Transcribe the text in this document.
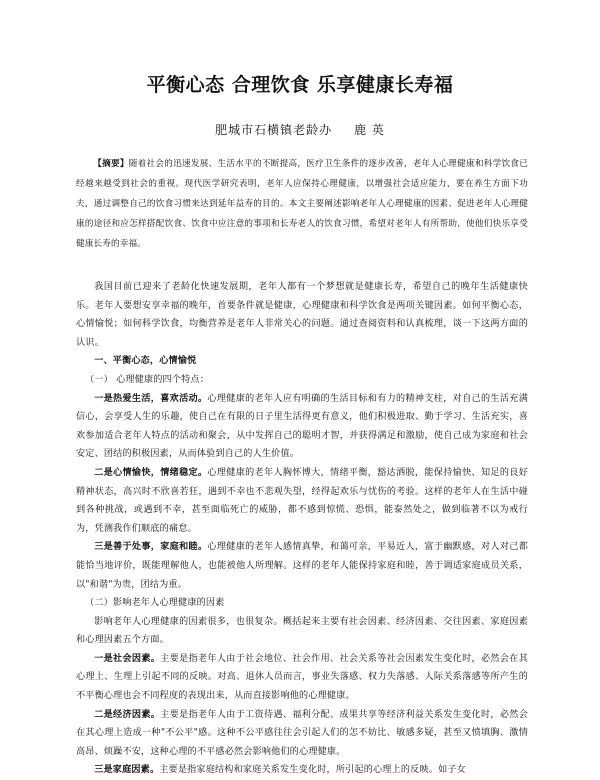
平衡心态 合理饮食 乐享健康长寿福
肥城市石横镇老龄办 鹿 英
【摘要】随着社会的迅速发展、生活水平的不断提高，医疗卫生条件的逐步改善，老年人心理健康和科学饮食已经越来越受到社会的重视。现代医学研究表明，老年人应保持心理健康，以增强社会适应能力，要在养生方面下功夫，通过调整自己的饮食习惯来达到延年益寿的目的。本文主要阐述影响老年人心理健康的因素、促进老年人心理健康的途径和应怎样搭配饮食、饮食中应注意的事项和长寿老人的饮食习惯，希望对老年人有所帮助，使他们快乐享受健康长寿的幸福。

我国目前已迎来了老龄化快速发展期，老年人都有一个梦想就是健康长寿，希望自己的晚年生活健康快乐。老年人要想安享幸福的晚年，首要条件就是健康，心理健康和科学饮食是两项关键因素。如何平衡心态，心情愉悦；如何科学饮食，均衡营养是老年人非常关心的问题。通过查阅资料和认真梳理，谈一下这两方面的认识。

一、平衡心态，心情愉悦

（一） 心理健康的四个特点：

一是热爱生活，喜欢活动。心理健康的老年人应有明确的生活目标和有力的精神支柱，对自己的生活充满信心，会享受人生的乐趣，使自己在有限的日子里生活得更有意义，他们积极进取、勤于学习、生活充实，喜欢参加适合老年人特点的活动和聚会，从中发挥自己的聪明才智，并获得满足和激励，使自己成为家庭和社会安定、团结的积极因素，从而体验到自己的人生价值。

二是心情愉快，情绪稳定。心理健康的老年人胸怀博大，情绪平衡，豁达洒脱，能保持愉快、知足的良好精神状态，高兴时不欣喜若狂，遇到不幸也不悲观失望，经得起欢乐与忧伤的考验。这样的老年人在生活中碰到各种挑战，或遇到不幸，甚至面临死亡的威胁，都不感到惊慌、恐惧，能泰然处之，做到临著不以为戒行为，凭测我作们顺底的痛怠。

三是善于处事，家庭和睦。心理健康的老年人感情真挚，和蔼可亲，平易近人，富于幽默感，对人对己都能恰当地评价，既能理解他人，也能被他人所理解。这样的老年人能保持家庭和睦，善于调适家庭成员关系，以"和谐"为贵，团结为重。

（二）影响老年人心理健康的因素

影响老年人心理健康的因素很多，也很复杂。概括起来主要有社会因素、经济因素、交往因素、家庭因素和心理因素五个方面。

一是社会因素。主要是指老年人由于社会地位、社会作用、社会关系等社会因素发生变化时，必然会在其心理上、生理上引起不同的反映。对高、退休人员而言，事业失落感、权力失落感、人际关系落感等所产生的不平衡心理也会不同程度的表现出来，从而直接影响他的心理健康。

二是经济因素。主要是指老年人由于工资待遇、福利分配、成果共享等经济利益关系发生变化时，必然会在其心理上造成一种"不公平"感。这种不公平感往往会引起人们的怎不妨比、敏感多疑，甚至又愤填胸、激情高昂、烦躁不安，这种心理的不平感必然会影响他们的心理健康。

三是家庭因素。主要是指家庭结构和家庭关系发生变化时，所引起的心理上的反映。如子女
